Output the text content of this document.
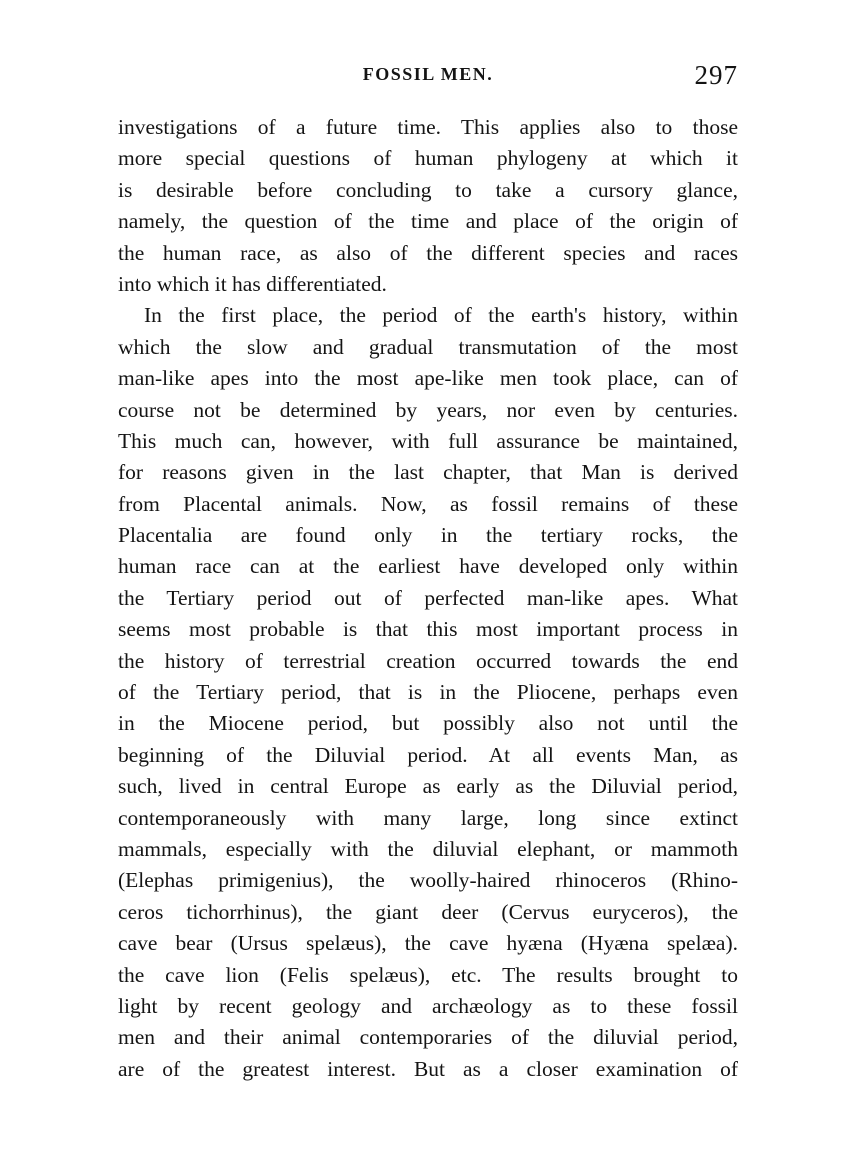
FOSSIL MEN.	297
investigations of a future time. This applies also to those
more special questions of human phylogeny at which it
is desirable before concluding to take a cursory glance,
namely, the question of the time and place of the origin of
the human race, as also of the different species and races
into which it has differentiated.
In the first place, the period of the earth's history, within
which the slow and gradual transmutation of the most
man-like apes into the most ape-like men took place, can of
course not be determined by years, nor even by centuries.
This much can, however, with full assurance be maintained,
for reasons given in the last chapter, that Man is derived
from Placental animals. Now, as fossil remains of these
Placentalia are found only in the tertiary rocks, the
human race can at the earliest have developed only within
the Tertiary period out of perfected man-like apes. What
seems most probable is that this most important process in
the history of terrestrial creation occurred towards the end
of the Tertiary period, that is in the Pliocene, perhaps even
in the Miocene period, but possibly also not until the
beginning of the Diluvial period. At all events Man, as
such, lived in central Europe as early as the Diluvial period,
contemporaneously with many large, long since extinct
mammals, especially with the diluvial elephant, or mammoth
(Elephas primigenius), the woolly-haired rhinoceros (Rhino-
ceros tichorrhinus), the giant deer (Cervus euryceros), the
cave bear (Ursus spelæus), the cave hyæna (Hyæna spelæa).
the cave lion (Felis spelæus), etc. The results brought to
light by recent geology and archæology as to these fossil
men and their animal contemporaries of the diluvial period,
are of the greatest interest. But as a closer examination of
